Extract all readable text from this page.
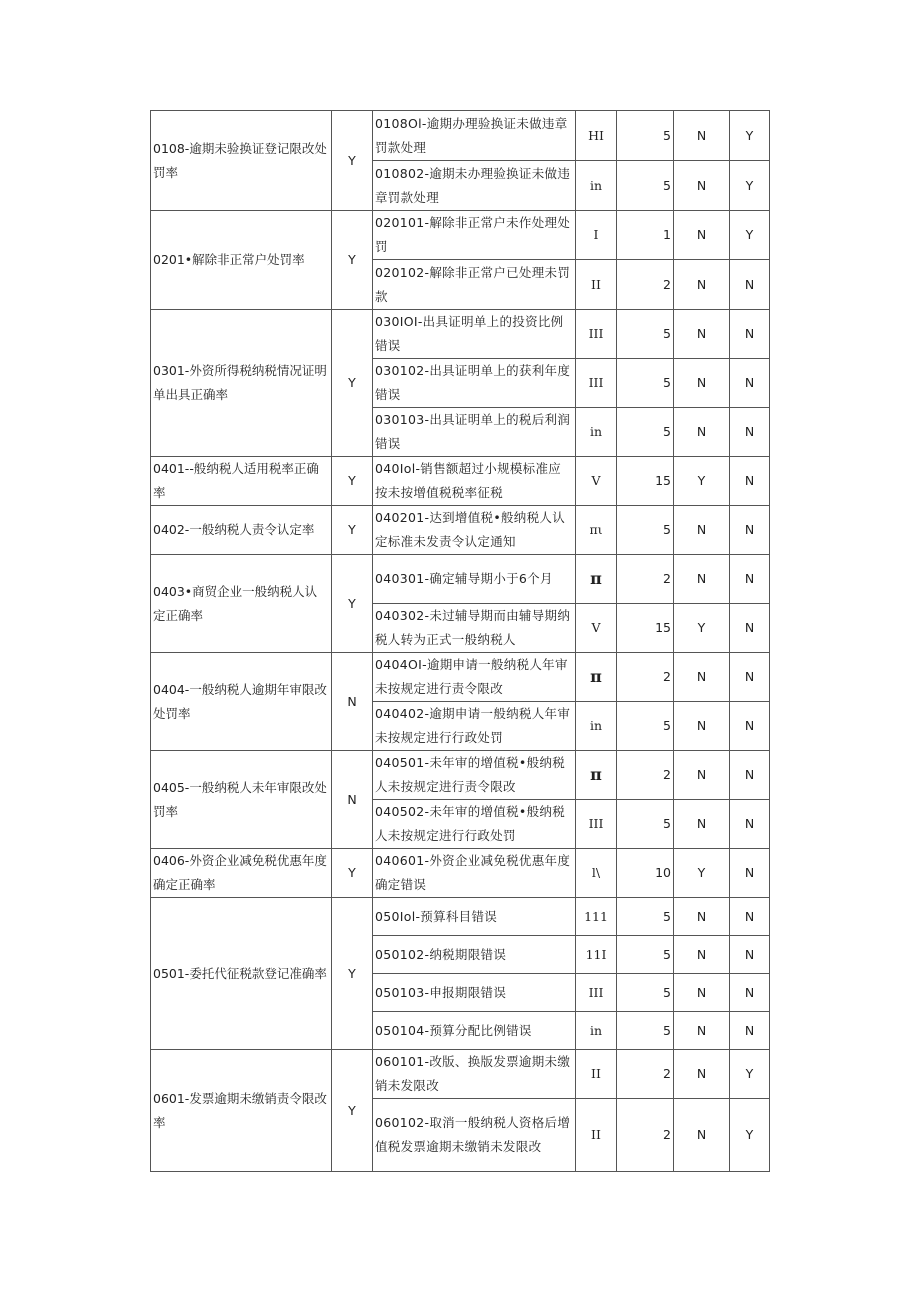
0108-逾期未验换证登记限改处罚率	Y	0108Ol-逾期办理验换证未做违章罚款处理	HI	5	N	Y
		010802-逾期未办理验换证未做违章罚款处理	in	5	N	Y
0201•解除非正常户处罚率	Y	020101-解除非正常户未作处理处罚	I	1	N	Y
		020102-解除非正常户已处理未罚款	II	2	N	N
0301-外资所得税纳税情况证明单出具正确率	Y	030IOI-出具证明单上的投资比例错误	III	5	N	N
		030102-出具证明单上的获利年度错误	III	5	N	N
		030103-出具证明单上的税后利润错误	in	5	N	N
0401--般纳税人适用税率正确率	Y	040Iol-销售额超过小规模标准应按未按增值税税率征税	V	15	Y	N
0402-一般纳税人责令认定率	Y	040201-达到增值税•般纳税人认定标准未发责令认定通知	πι	5	N	N
0403•商贸企业一般纳税人认定正确率	Y	040301-确定辅导期小于6个月	π	2	N	N
		040302-未过辅导期而由辅导期纳税人转为正式一般纳税人	V	15	Y	N
0404-一般纳税人逾期年审限改处罚率	N	0404OI-逾期申请一般纳税人年审未按规定进行责令限改	π	2	N	N
		040402-逾期申请一般纳税人年审未按规定进行行政处罚	in	5	N	N
0405-一般纳税人未年审限改处罚率	N	040501-未年审的增值税•般纳税人未按规定进行责令限改	π	2	N	N
		040502-未年审的增值税•般纳税人未按规定进行行政处罚	III	5	N	N
0406-外资企业减免税优惠年度确定正确率	Y	040601-外资企业减免税优惠年度确定错误	l\	10	Y	N
0501-委托代征税款登记准确率	Y	050Iol-预算科目错误	111	5	N	N
		050102-纳税期限错误	11I	5	N	N
		050103-申报期限错误	III	5	N	N
		050104-预算分配比例错误	in	5	N	N
0601-发票逾期未缴销责令限改率	Y	060101-改版、换版发票逾期未缴销未发限改	II	2	N	Y
		060102-取消一般纳税人资格后增值税发票逾期未缴销未发限改	II	2	N	Y
